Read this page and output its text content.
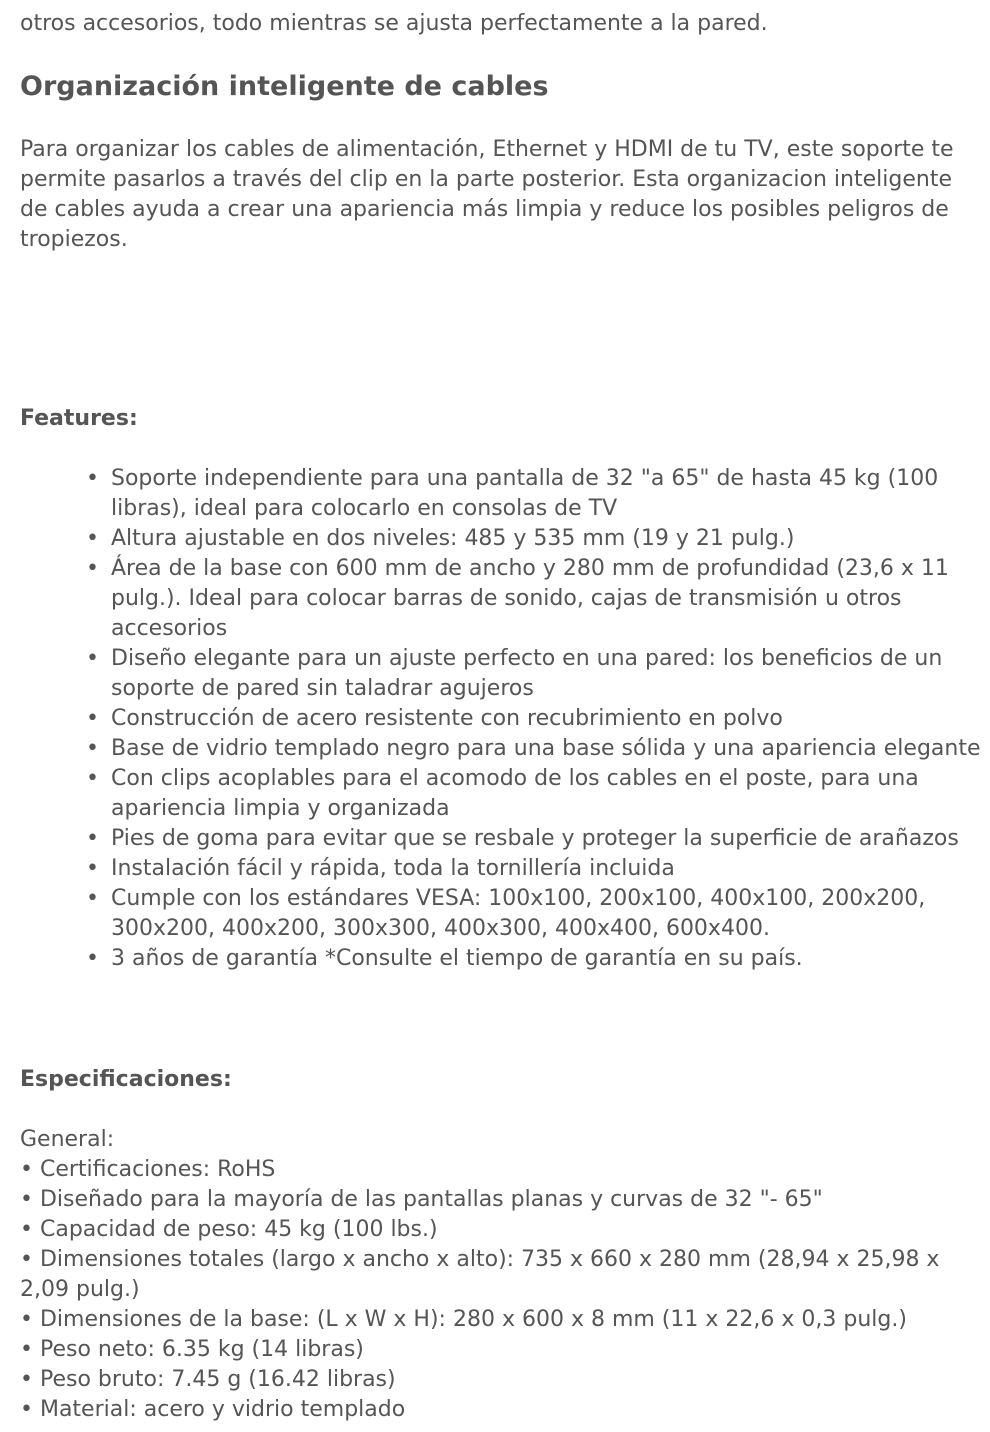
otros accesorios, todo mientras se ajusta perfectamente a la pared.

Organización inteligente de cables

Para organizar los cables de alimentación, Ethernet y HDMI de tu TV, este soporte te permite pasarlos a través del clip en la parte posterior. Esta organizacion inteligente de cables ayuda a crear una apariencia más limpia y reduce los posibles peligros de tropiezos.

Features:

• Soporte independiente para una pantalla de 32 "a 65" de hasta 45 kg (100 libras), ideal para colocarlo en consolas de TV
• Altura ajustable en dos niveles: 485 y 535 mm (19 y 21 pulg.)
• Área de la base con 600 mm de ancho y 280 mm de profundidad (23,6 x 11 pulg.). Ideal para colocar barras de sonido, cajas de transmisión u otros accesorios
• Diseño elegante para un ajuste perfecto en una pared: los beneficios de un soporte de pared sin taladrar agujeros
• Construcción de acero resistente con recubrimiento en polvo
• Base de vidrio templado negro para una base sólida y una apariencia elegante
• Con clips acoplables para el acomodo de los cables en el poste, para una apariencia limpia y organizada
• Pies de goma para evitar que se resbale y proteger la superficie de arañazos
• Instalación fácil y rápida, toda la tornillería incluida
• Cumple con los estándares VESA: 100x100, 200x100, 400x100, 200x200, 300x200, 400x200, 300x300, 400x300, 400x400, 600x400.
• 3 años de garantía *Consulte el tiempo de garantía en su país.

Especificaciones:

General:
• Certificaciones: RoHS
• Diseñado para la mayoría de las pantallas planas y curvas de 32 "- 65"
• Capacidad de peso: 45 kg (100 lbs.)
• Dimensiones totales (largo x ancho x alto): 735 x 660 x 280 mm (28,94 x 25,98 x 2,09 pulg.)
• Dimensiones de la base: (L x W x H): 280 x 600 x 8 mm (11 x 22,6 x 0,3 pulg.)
• Peso neto: 6.35 kg (14 libras)
• Peso bruto: 7.45 g (16.42 libras)
• Material: acero y vidrio templado
